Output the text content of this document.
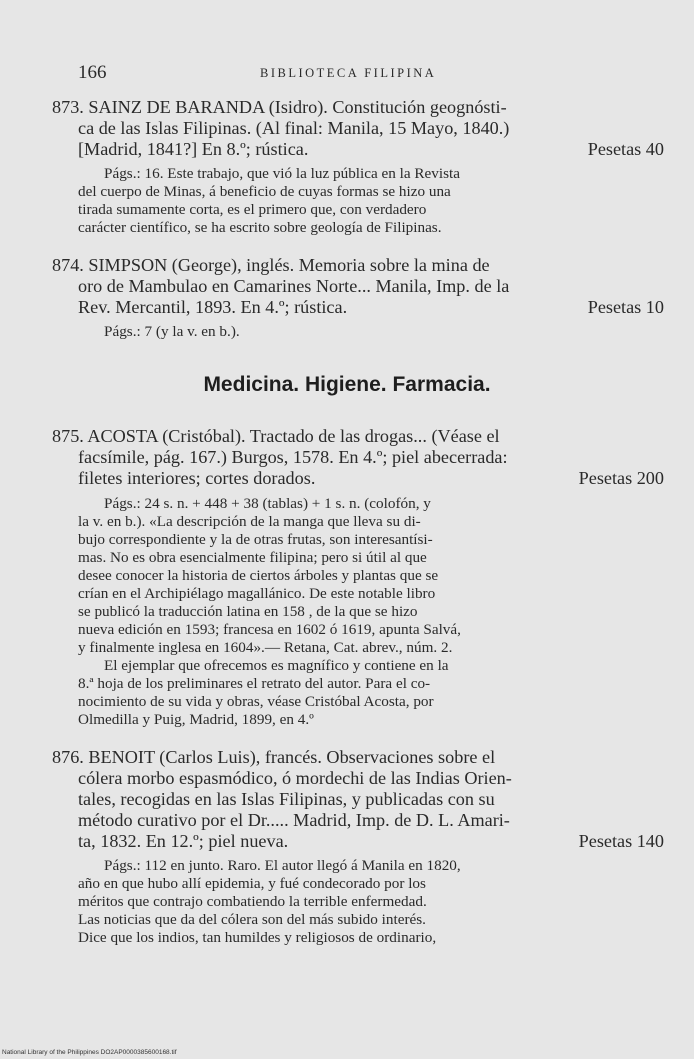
166	BIBLIOTECA FILIPINA
873. SAINZ DE BARANDA (Isidro). Constitución geognósti-
ca de las Islas Filipinas. (Al final: Manila, 15 Mayo, 1840.)
[Madrid, 1841?] En 8.º; rústica.	Pesetas 40
Págs.: 16. Este trabajo, que vió la luz pública en la Revista
del cuerpo de Minas, á beneficio de cuyas formas se hizo una
tirada sumamente corta, es el primero que, con verdadero
carácter científico, se ha escrito sobre geología de Filipinas.
874. SIMPSON (George), inglés. Memoria sobre la mina de
oro de Mambulao en Camarines Norte... Manila, Imp. de la
Rev. Mercantil, 1893. En 4.º; rústica.	Pesetas 10
Págs.: 7 (y la v. en b.).
Medicina. Higiene. Farmacia.
875. ACOSTA (Cristóbal). Tractado de las drogas... (Véase el
facsímile, pág. 167.) Burgos, 1578. En 4.º; piel abecerrada:
filetes interiores; cortes dorados.	Pesetas 200
Págs.: 24 s. n. + 448 + 38 (tablas) + 1 s. n. (colofón, y
la v. en b.). «La descripción de la manga que lleva su di-
bujo correspondiente y la de otras frutas, son interesantísi-
mas. No es obra esencialmente filipina; pero si útil al que
desee conocer la historia de ciertos árboles y plantas que se
crían en el Archipiélago magallánico. De este notable libro
se publicó la traducción latina en 158 , de la que se hizo
nueva edición en 1593; francesa en 1602 ó 1619, apunta Salvá,
y finalmente inglesa en 1604».— Retana, Cat. abrev., núm. 2.
El ejemplar que ofrecemos es magnífico y contiene en la
8.ª hoja de los preliminares el retrato del autor. Para el co-
nocimiento de su vida y obras, véase Cristóbal Acosta, por
Olmedilla y Puig, Madrid, 1899, en 4.º
876. BENOIT (Carlos Luis), francés. Observaciones sobre el
cólera morbo espasmódico, ó mordechi de las Indias Orien-
tales, recogidas en las Islas Filipinas, y publicadas con su
método curativo por el Dr..... Madrid, Imp. de D. L. Amari-
ta, 1832. En 12.º; piel nueva.	Pesetas 140
Págs.: 112 en junto. Raro. El autor llegó á Manila en 1820,
año en que hubo allí epidemia, y fué condecorado por los
méritos que contrajo combatiendo la terrible enfermedad.
Las noticias que da del cólera son del más subido interés.
Dice que los indios, tan humildes y religiosos de ordinario,
National Library of the Philippines DO2AP0000385600168.tif
